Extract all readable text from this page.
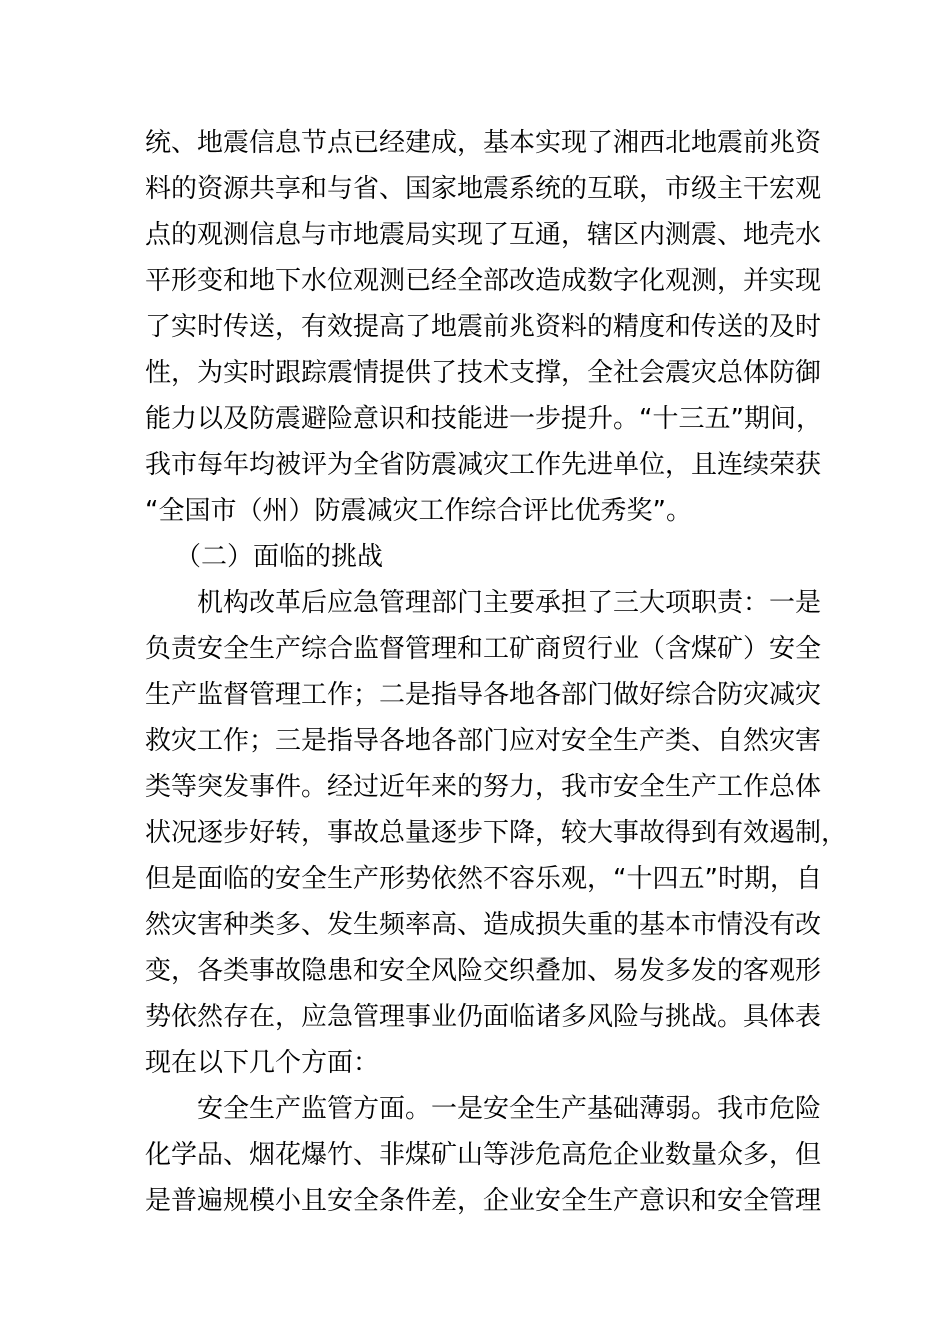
统、地震信息节点已经建成，基本实现了湘西北地震前兆资
料的资源共享和与省、国家地震系统的互联，市级主干宏观
点的观测信息与市地震局实现了互通，辖区内测震、地壳水
平形变和地下水位观测已经全部改造成数字化观测，并实现
了实时传送，有效提高了地震前兆资料的精度和传送的及时
性，为实时跟踪震情提供了技术支撑，全社会震灾总体防御
能力以及防震避险意识和技能进一步提升。“十三五”期间，
我市每年均被评为全省防震减灾工作先进单位，且连续荣获
“全国市（州）防震减灾工作综合评比优秀奖”。
（二）面临的挑战
机构改革后应急管理部门主要承担了三大项职责：一是
负责安全生产综合监督管理和工矿商贸行业（含煤矿）安全
生产监督管理工作；二是指导各地各部门做好综合防灾减灾
救灾工作；三是指导各地各部门应对安全生产类、自然灾害
类等突发事件。经过近年来的努力，我市安全生产工作总体
状况逐步好转，事故总量逐步下降，较大事故得到有效遏制，
但是面临的安全生产形势依然不容乐观，“十四五”时期，自
然灾害种类多、发生频率高、造成损失重的基本市情没有改
变，各类事故隐患和安全风险交织叠加、易发多发的客观形
势依然存在，应急管理事业仍面临诸多风险与挑战。具体表
现在以下几个方面：
安全生产监管方面。一是安全生产基础薄弱。我市危险
化学品、烟花爆竹、非煤矿山等涉危高危企业数量众多，但
是普遍规模小且安全条件差，企业安全生产意识和安全管理
